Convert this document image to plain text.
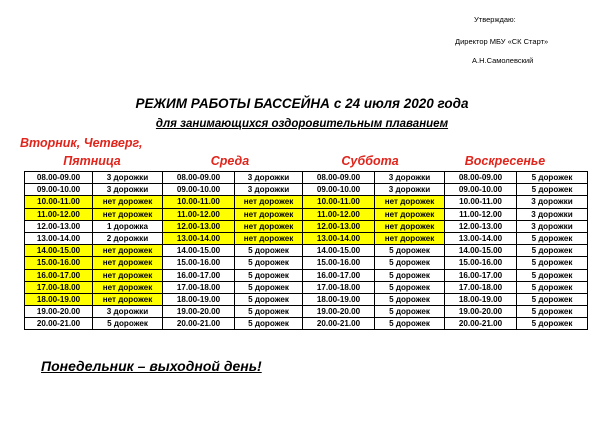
Утверждаю:
Директор МБУ «СК Старт»
А.Н.Самолевский
РЕЖИМ РАБОТЫ БАССЕЙНА с 24 июля 2020 года
для занимающихся оздоровительным плаванием
Вторник, Четверг,
Пятница	Среда	Суббота	Воскресенье
08.00-09.00	3 дорожки	08.00-09.00	3 дорожки	08.00-09.00	3 дорожки	08.00-09.00	5 дорожек
09.00-10.00	3 дорожки	09.00-10.00	3 дорожки	09.00-10.00	3 дорожки	09.00-10.00	5 дорожек
10.00-11.00	нет дорожек	10.00-11.00	нет дорожек	10.00-11.00	нет дорожек	10.00-11.00	3 дорожки
11.00-12.00	нет дорожек	11.00-12.00	нет дорожек	11.00-12.00	нет дорожек	11.00-12.00	3 дорожки
12.00-13.00	1 дорожка	12.00-13.00	нет дорожек	12.00-13.00	нет дорожек	12.00-13.00	3 дорожки
13.00-14.00	2 дорожки	13.00-14.00	нет дорожек	13.00-14.00	нет дорожек	13.00-14.00	5 дорожек
14.00-15.00	нет дорожек	14.00-15.00	5 дорожек	14.00-15.00	5 дорожек	14.00-15.00	5 дорожек
15.00-16.00	нет дорожек	15.00-16.00	5 дорожек	15.00-16.00	5 дорожек	15.00-16.00	5 дорожек
16.00-17.00	нет дорожек	16.00-17.00	5 дорожек	16.00-17.00	5 дорожек	16.00-17.00	5 дорожек
17.00-18.00	нет дорожек	17.00-18.00	5 дорожек	17.00-18.00	5 дорожек	17.00-18.00	5 дорожек
18.00-19.00	нет дорожек	18.00-19.00	5 дорожек	18.00-19.00	5 дорожек	18.00-19.00	5 дорожек
19.00-20.00	3 дорожки	19.00-20.00	5 дорожек	19.00-20.00	5 дорожек	19.00-20.00	5 дорожек
20.00-21.00	5 дорожек	20.00-21.00	5 дорожек	20.00-21.00	5 дорожек	20.00-21.00	5 дорожек
Понедельник – выходной день!
